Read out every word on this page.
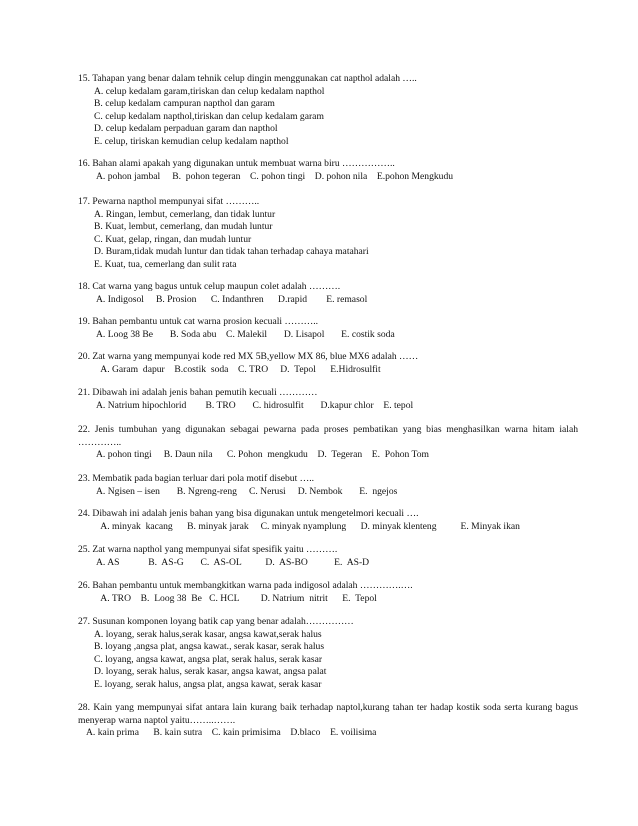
15. Tahapan yang benar dalam tehnik celup dingin menggunakan cat napthol adalah …..
A. celup kedalam garam,tiriskan dan celup kedalam napthol
B. celup kedalam campuran napthol dan garam
C. celup kedalam napthol,tiriskan dan celup kedalam garam
D. celup kedalam perpaduan garam dan napthol
E. celup, tiriskan kemudian celup kedalam napthol
16. Bahan alami apakah yang digunakan untuk membuat warna biru ……………..
A. pohon jambal     B.  pohon tegeran    C. pohon tingi    D. pohon nila    E.pohon Mengkudu
17. Pewarna napthol mempunyai sifat ………..
A. Ringan, lembut, cemerlang, dan tidak luntur
B. Kuat, lembut, cemerlang, dan mudah luntur
C. Kuat, gelap, ringan, dan mudah luntur
D. Buram,tidak mudah luntur dan tidak tahan terhadap cahaya matahari
E. Kuat, tua, cemerlang dan sulit rata
18. Cat warna yang bagus untuk celup maupun colet adalah ……….
A. Indigosol     B. Prosion      C. Indanthren      D.rapid        E. remasol
19. Bahan pembantu untuk cat warna prosion kecuali ………..
A. Loog 38 Be       B. Soda abu    C. Malekil       D. Lisapol       E. costik soda
20. Zat warna yang mempunyai kode red MX 5B,yellow MX 86, blue MX6 adalah ……
A. Garam  dapur    B.costik  soda    C. TRO     D.  Tepol      E.Hidrosulfit
21. Dibawah ini adalah jenis bahan pemutih kecuali …………
A. Natrium hipochlorid        B. TRO       C. hidrosulfit       D.kapur chlor    E. tepol
22. Jenis tumbuhan yang digunakan sebagai pewarna pada proses pembatikan yang bias menghasilkan warna hitam ialah …………..
A. pohon tingi     B. Daun nila      C. Pohon  mengkudu    D.  Tegeran    E.  Pohon Tom
23. Membatik pada bagian terluar dari pola motif disebut …..
A. Ngisen – isen       B. Ngreng-reng     C. Nerusi     D. Nembok       E.  ngejos
24. Dibawah ini adalah jenis bahan yang bisa digunakan untuk mengetelmori kecuali ….
A. minyak  kacang      B. minyak jarak     C. minyak nyamplung      D. minyak klenteng          E. Minyak ikan
25. Zat warna napthol yang mempunyai sifat spesifik yaitu ……….
A. AS            B.  AS-G       C.  AS-OL          D.  AS-BO           E.  AS-D
26. Bahan pembantu untuk membangkitkan warna pada indigosol adalah ………….….
A. TRO    B.  Loog 38  Be   C. HCL         D. Natrium  nitrit      E.  Tepol
27. Susunan komponen loyang batik cap yang benar adalah……………
A. loyang, serak halus,serak kasar, angsa kawat,serak halus
B. loyang ,angsa plat, angsa kawat., serak kasar, serak halus
C. loyang, angsa kawat, angsa plat, serak halus, serak kasar
D. loyang, serak halus, serak kasar, angsa kawat, angsa palat
E. loyang, serak halus, angsa plat, angsa kawat, serak kasar
28. Kain yang mempunyai sifat antara lain kurang baik terhadap naptol,kurang tahan ter hadap kostik soda serta kurang bagus menyerap warna naptol yaitu……..…….
A. kain prima      B. kain sutra    C. kain primisima    D.blaco    E. voilisima
